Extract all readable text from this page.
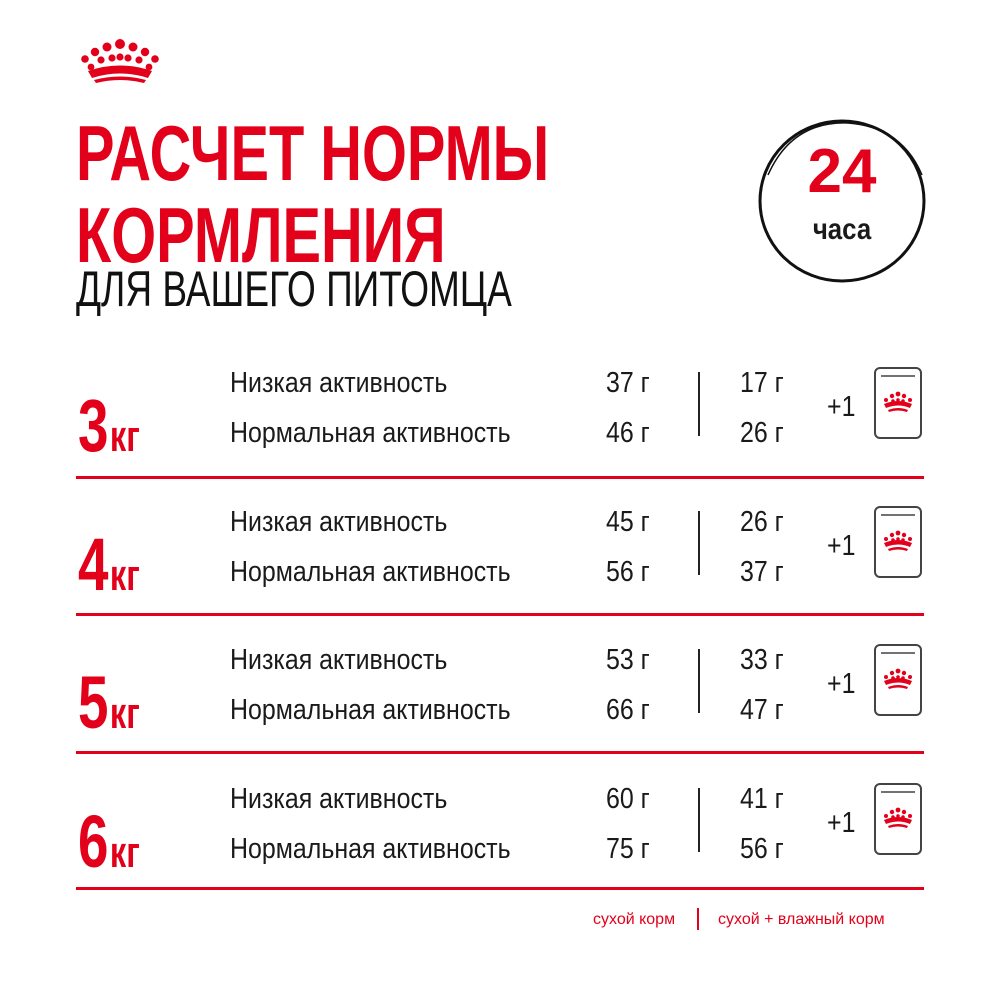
РАСЧЕТ НОРМЫ
КОРМЛЕНИЯ
ДЛЯ ВАШЕГО ПИТОМЦА
24
часа
3кг
Низкая активность
Нормальная активность
37 г
46 г
17 г
26 г
+1
4кг
Низкая активность
Нормальная активность
45 г
56 г
26 г
37 г
+1
5кг
Низкая активность
Нормальная активность
53 г
66 г
33 г
47 г
+1
6кг
Низкая активность
Нормальная активность
60 г
75 г
41 г
56 г
+1
сухой корм	сухой + влажный корм
